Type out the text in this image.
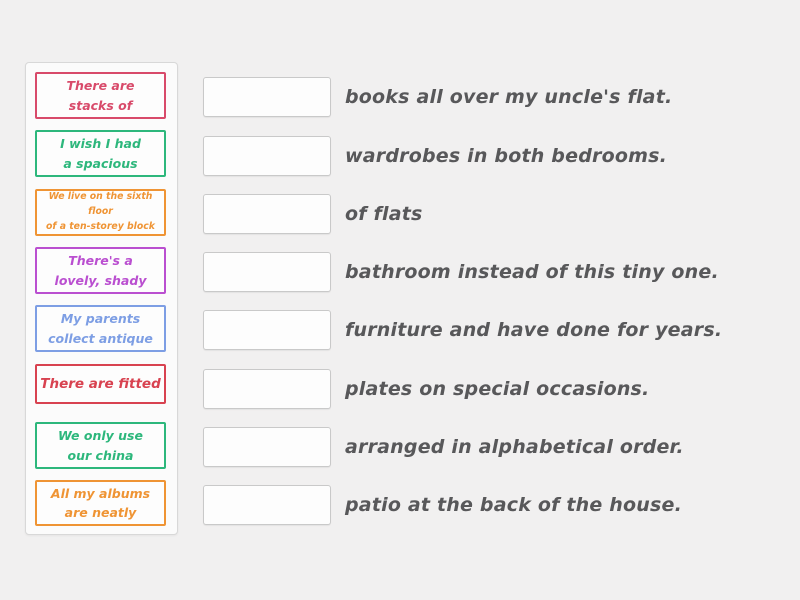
There are
stacks of
I wish I had
a spacious
We live on the sixth floor
of a ten-storey block
There's a
lovely, shady
My parents
collect antique
There are fitted
We only use
our china
All my albums
are neatly
books all over my uncle's flat.
wardrobes in both bedrooms.
of flats
bathroom instead of this tiny one.
furniture and have done for years.
plates on special occasions.
arranged in alphabetical order.
patio at the back of the house.
